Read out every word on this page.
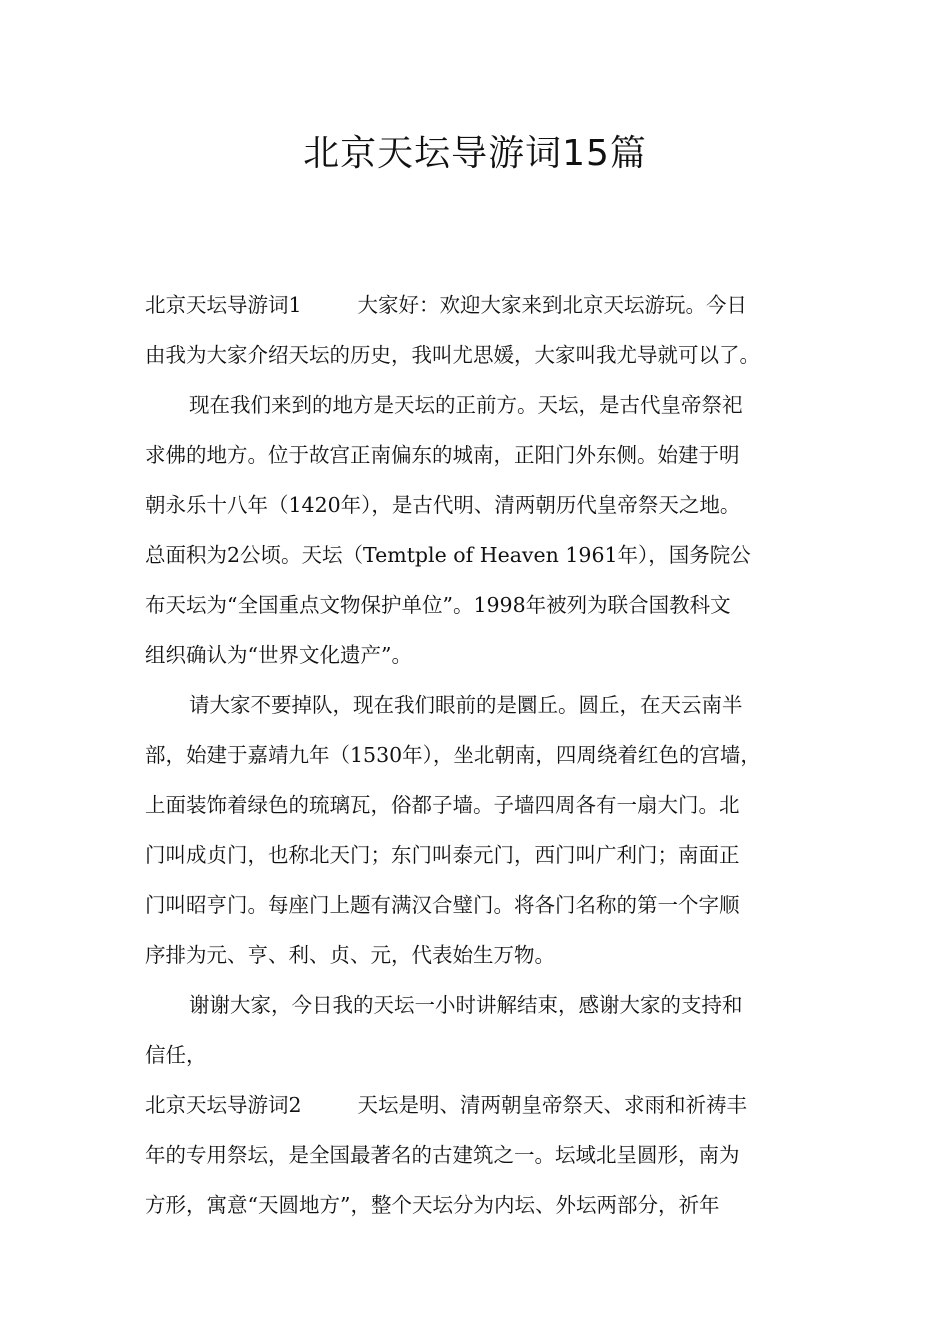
北京天坛导游词15篇
北京天坛导游词1	大家好：欢迎大家来到北京天坛游玩。今日
由我为大家介绍天坛的历史，我叫尤思媛，大家叫我尤导就可以了。
现在我们来到的地方是天坛的正前方。天坛，是古代皇帝祭祀
求佛的地方。位于故宫正南偏东的城南，正阳门外东侧。始建于明
朝永乐十八年（1420年），是古代明、清两朝历代皇帝祭天之地。
总面积为2公顷。天坛（Temtple of Heaven 1961年），国务院公
布天坛为“全国重点文物保护单位”。1998年被列为联合国教科文
组织确认为“世界文化遗产”。
请大家不要掉队，现在我们眼前的是圜丘。圆丘，在天云南半
部，始建于嘉靖九年（1530年），坐北朝南，四周绕着红色的宫墙，
上面装饰着绿色的琉璃瓦，俗都子墙。子墙四周各有一扇大门。北
门叫成贞门，也称北天门；东门叫泰元门，西门叫广利门；南面正
门叫昭亨门。每座门上题有满汉合璧门。将各门名称的第一个字顺
序排为元、亨、利、贞、元，代表始生万物。
谢谢大家，今日我的天坛一小时讲解结束，感谢大家的支持和
信任，
北京天坛导游词2	天坛是明、清两朝皇帝祭天、求雨和祈祷丰
年的专用祭坛，是全国最著名的古建筑之一。坛域北呈圆形，南为
方形，寓意“天圆地方”，整个天坛分为内坛、外坛两部分，祈年
